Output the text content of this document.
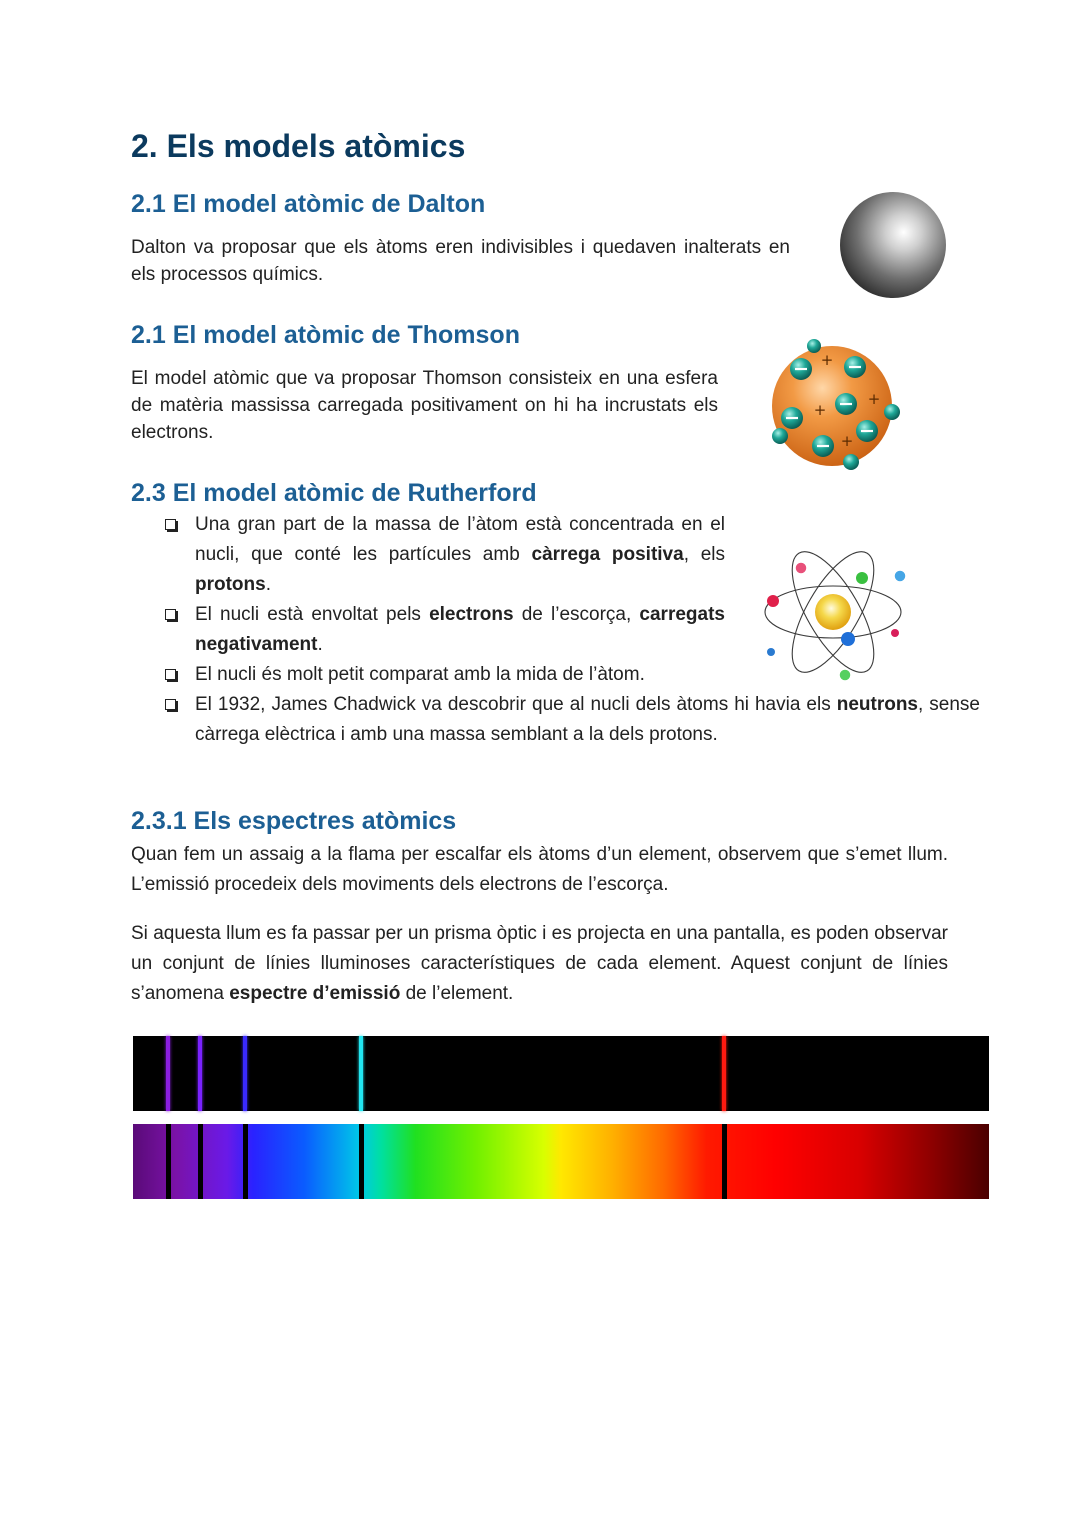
2. Els models atòmics
2.1 El model atòmic de Dalton

Dalton va proposar que els àtoms eren indivisibles i quedaven inalterats en els processos químics.

2.1 El model atòmic de Thomson

El model atòmic que va proposar Thomson consisteix en una esfera de matèria massissa carregada positivament on hi ha incrustats els electrons.

+
+
+
+
2.3 El model atòmic de Rutherford
Una gran part de la massa de l’àtom està concentrada en el nucli, que conté les partícules amb càrrega positiva, els protons.
El nucli està envoltat pels electrons de l’escorça, carregats negativament.
El nucli és molt petit comparat amb la mida de l’àtom.
El 1932, James Chadwick va descobrir que al nucli dels àtoms hi havia els neutrons, sense càrrega elèctrica i amb una massa semblant a la dels protons.
2.3.1 Els espectres atòmics

Quan fem un assaig a la flama per escalfar els àtoms d’un element, observem que s’emet llum. L’emissió procedeix dels moviments dels electrons de l’escorça.

Si aquesta llum es fa passar per un prisma òptic i es projecta en una pantalla, es poden observar un conjunt de línies lluminoses característiques de cada element. Aquest conjunt de línies s’anomena espectre d’emissió de l’element.
